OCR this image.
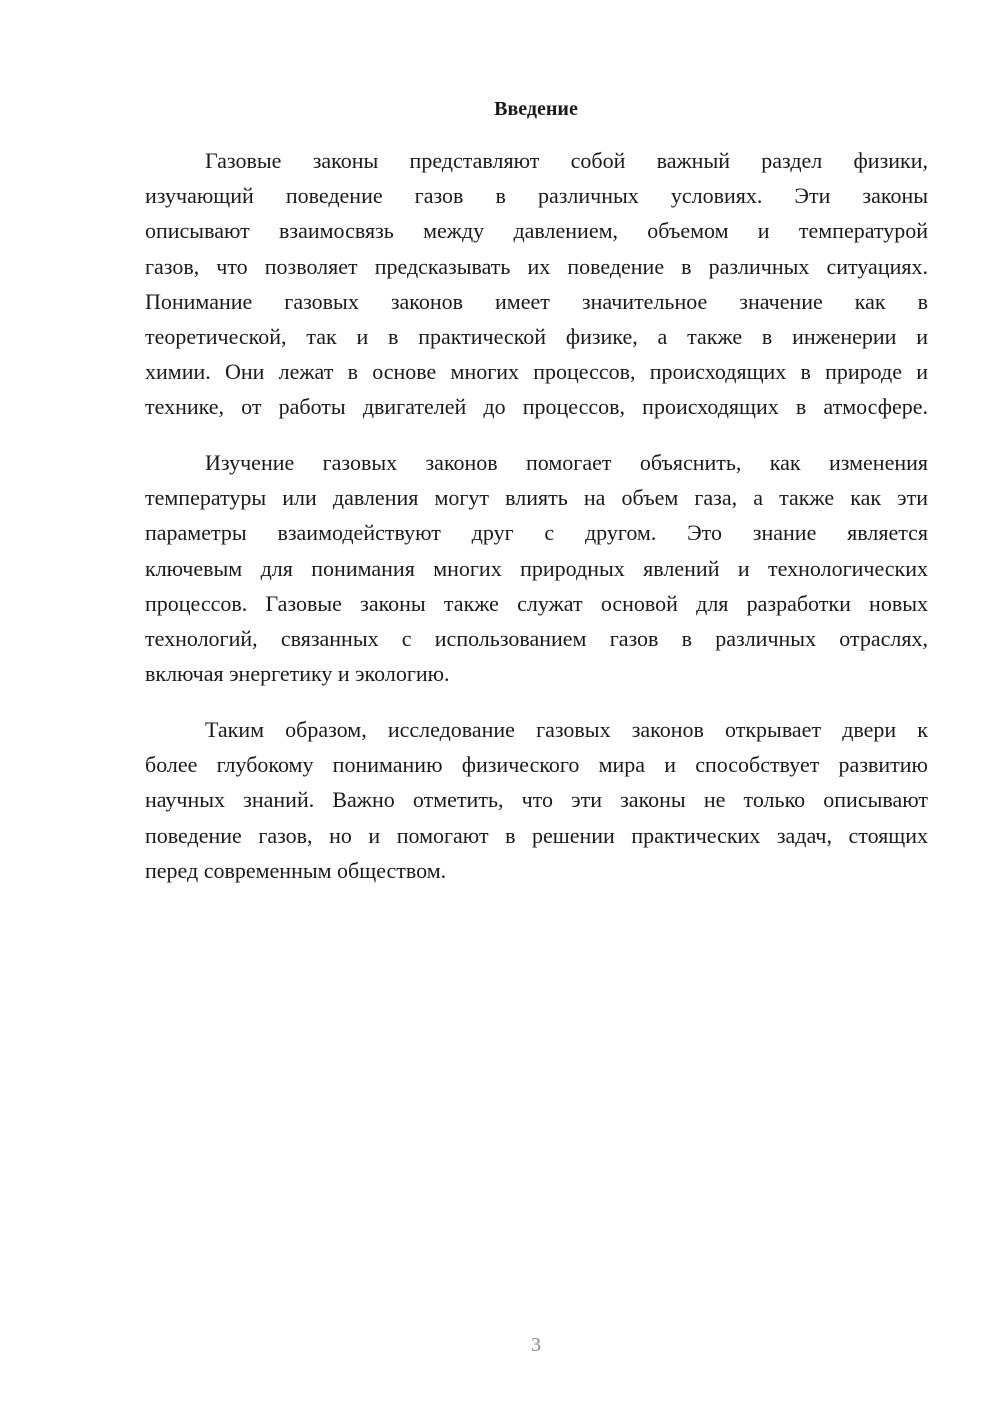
Введение
Газовые законы представляют собой важный раздел физики,
изучающий поведение газов в различных условиях. Эти законы
описывают взаимосвязь между давлением, объемом и температурой
газов, что позволяет предсказывать их поведение в различных ситуациях.
Понимание газовых законов имеет значительное значение как в
теоретической, так и в практической физике, а также в инженерии и
химии. Они лежат в основе многих процессов, происходящих в природе и
технике, от работы двигателей до процессов, происходящих в атмосфере.
Изучение газовых законов помогает объяснить, как изменения
температуры или давления могут влиять на объем газа, а также как эти
параметры взаимодействуют друг с другом. Это знание является
ключевым для понимания многих природных явлений и технологических
процессов. Газовые законы также служат основой для разработки новых
технологий, связанных с использованием газов в различных отраслях,
включая энергетику и экологию.
Таким образом, исследование газовых законов открывает двери к
более глубокому пониманию физического мира и способствует развитию
научных знаний. Важно отметить, что эти законы не только описывают
поведение газов, но и помогают в решении практических задач, стоящих
перед современным обществом.
3
